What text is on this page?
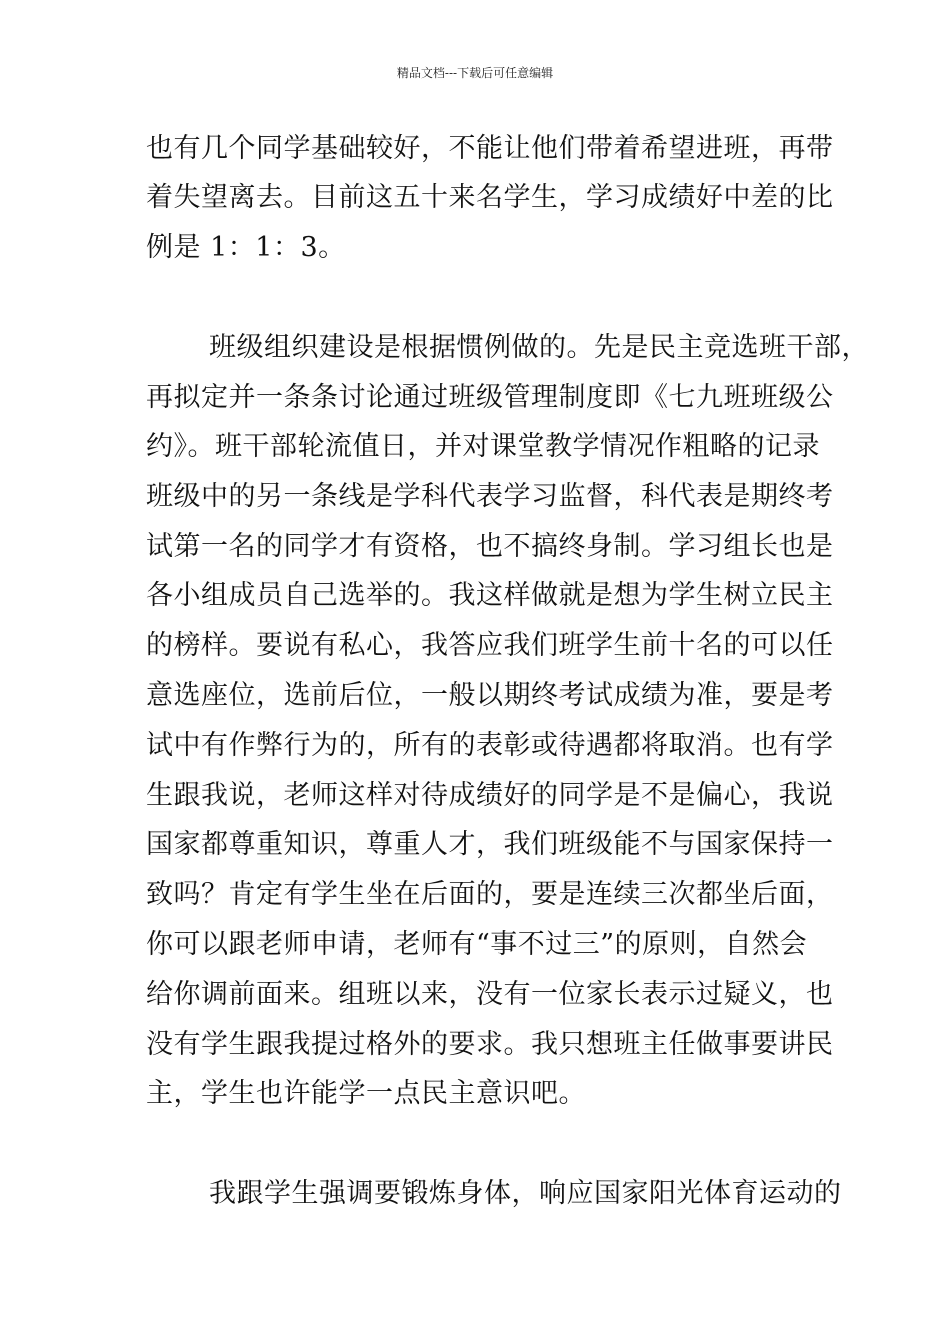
精品文档---下载后可任意编辑
也有几个同学基础较好，不能让他们带着希望进班，再带
着失望离去。目前这五十来名学生，学习成绩好中差的比
例是 1：1：3。
班级组织建设是根据惯例做的。先是民主竞选班干部，
再拟定并一条条讨论通过班级管理制度即《七九班班级公
约》。班干部轮流值日，并对课堂教学情况作粗略的记录
班级中的另一条线是学科代表学习监督，科代表是期终考
试第一名的同学才有资格，也不搞终身制。学习组长也是
各小组成员自己选举的。我这样做就是想为学生树立民主
的榜样。要说有私心，我答应我们班学生前十名的可以任
意选座位，选前后位，一般以期终考试成绩为准，要是考
试中有作弊行为的，所有的表彰或待遇都将取消。也有学
生跟我说，老师这样对待成绩好的同学是不是偏心，我说
国家都尊重知识，尊重人才，我们班级能不与国家保持一
致吗？肯定有学生坐在后面的，要是连续三次都坐后面，
你可以跟老师申请，老师有“事不过三”的原则，自然会
给你调前面来。组班以来，没有一位家长表示过疑义，也
没有学生跟我提过格外的要求。我只想班主任做事要讲民
主，学生也许能学一点民主意识吧。
我跟学生强调要锻炼身体，响应国家阳光体育运动的
